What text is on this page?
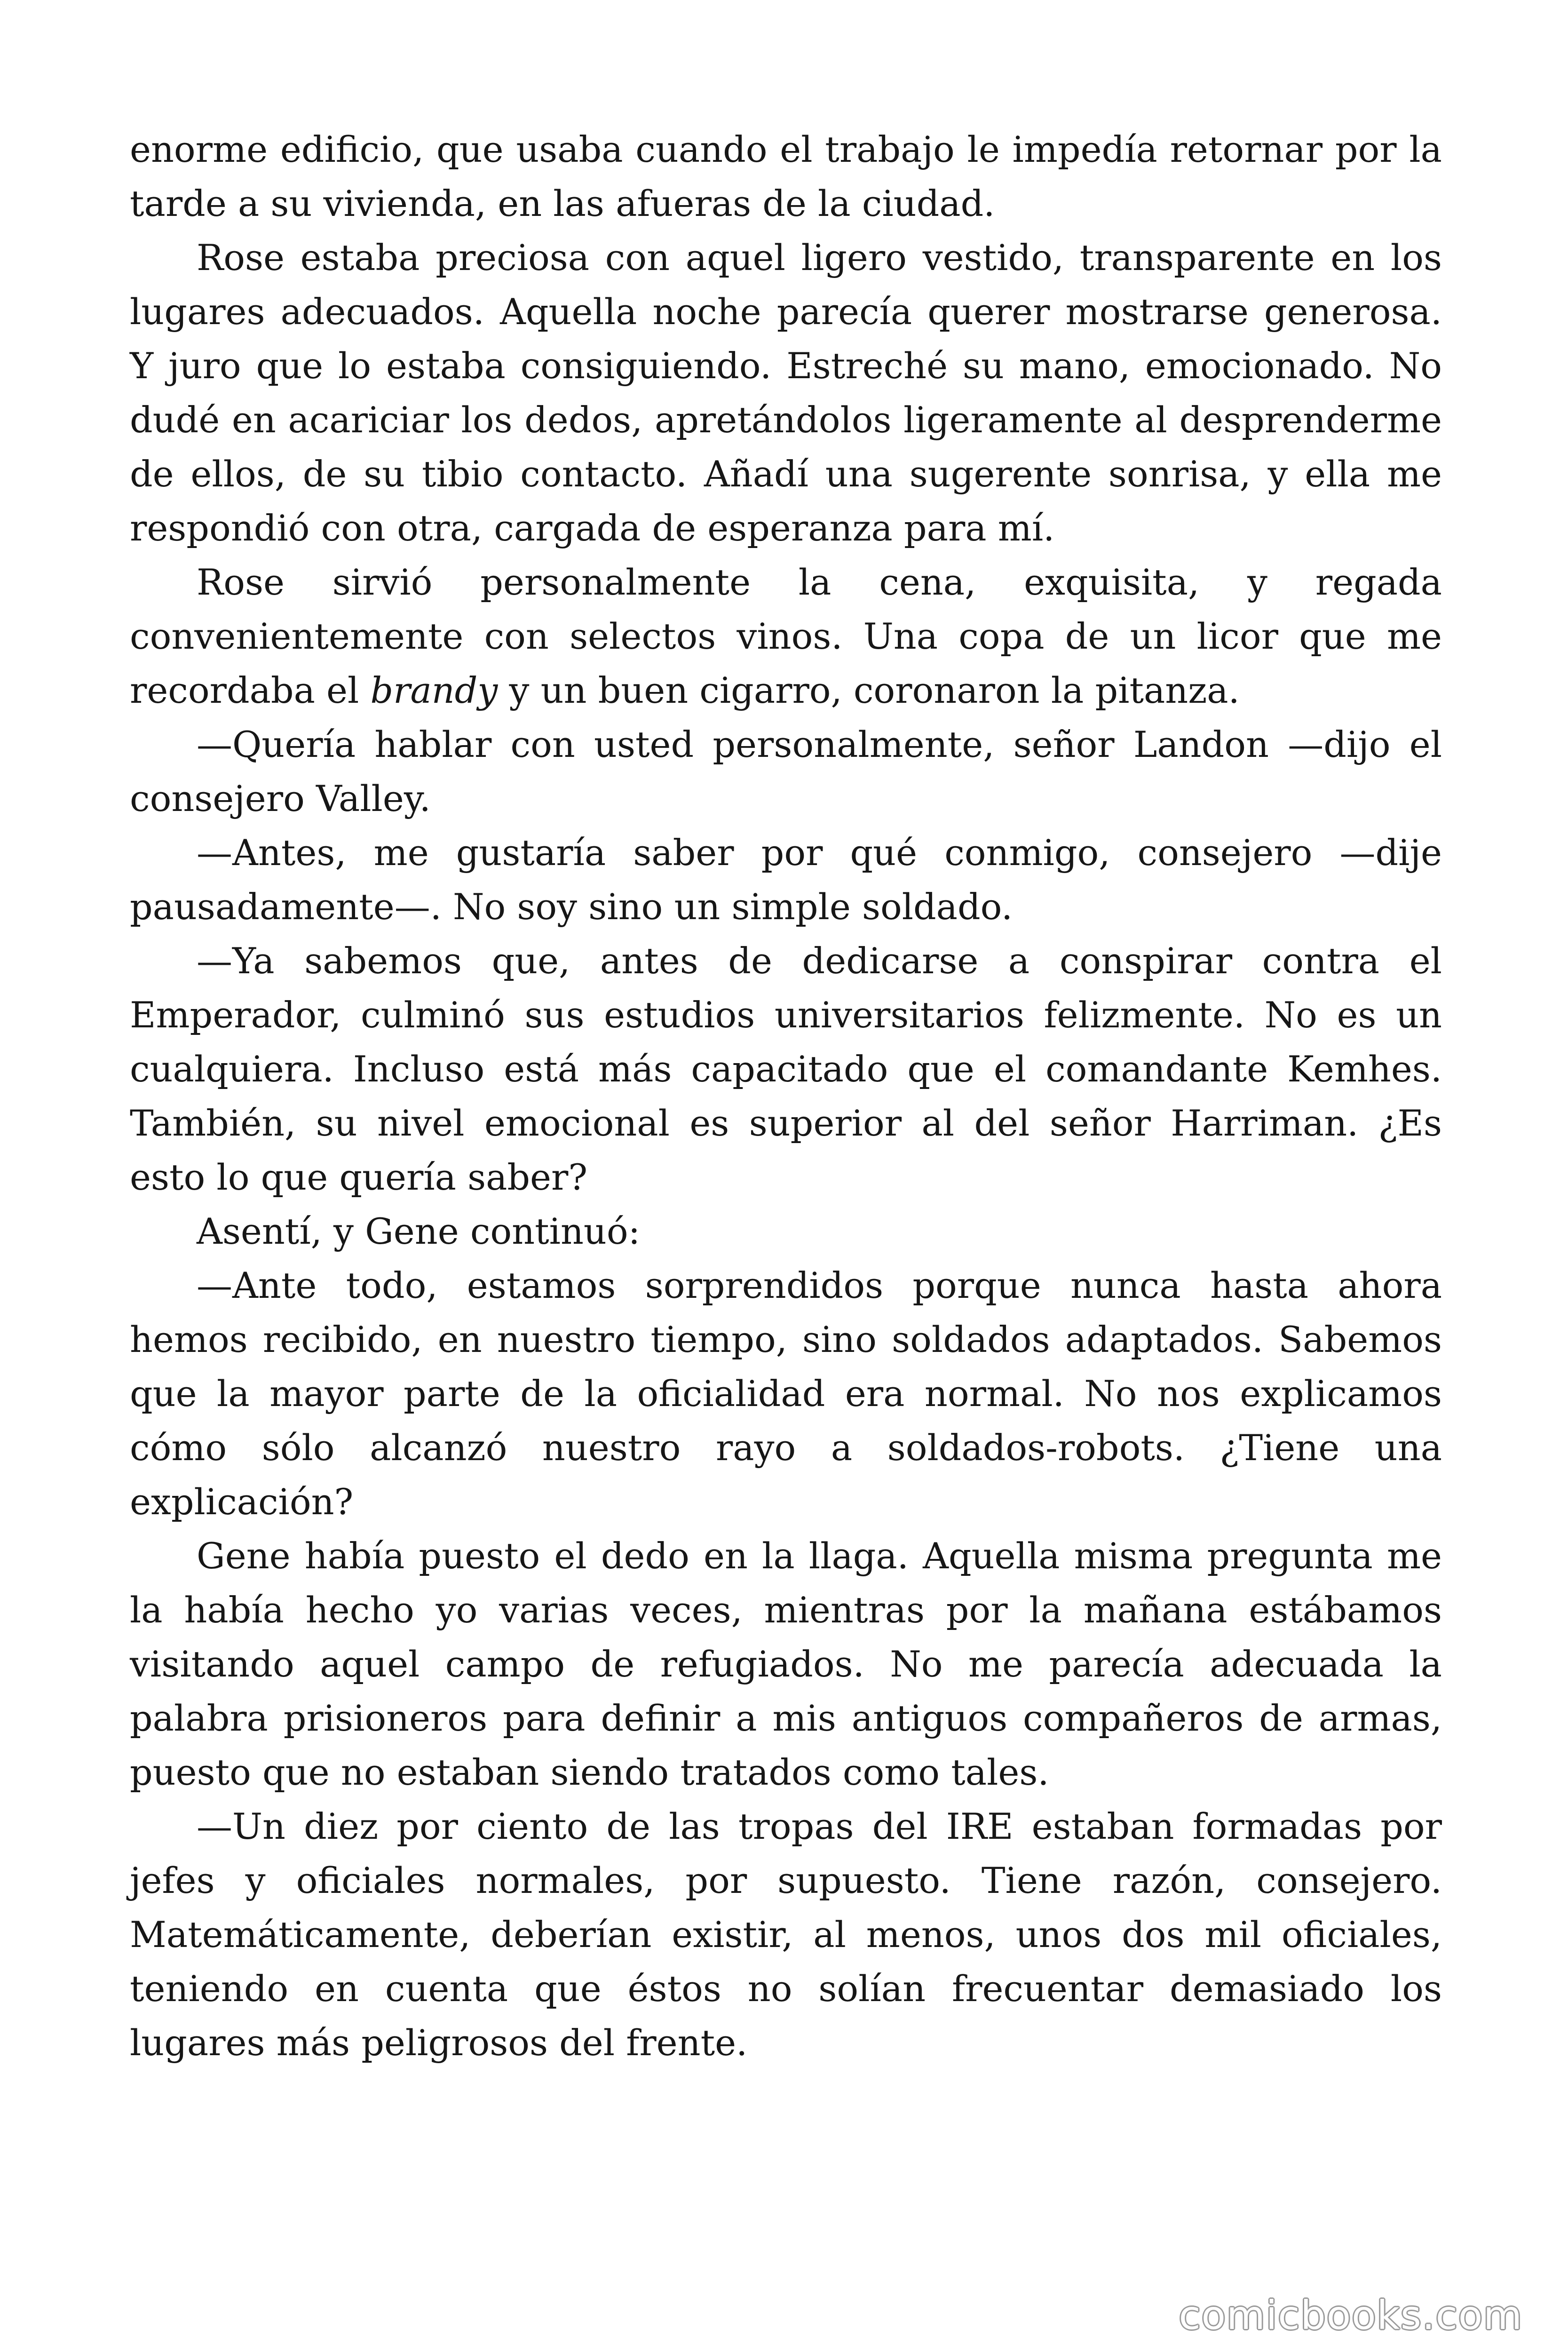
enorme edificio, que usaba cuando el trabajo le impedía retornar por la tarde a su vivienda, en las afueras de la ciudad.

Rose estaba preciosa con aquel ligero vestido, transparente en los lugares adecuados. Aquella noche parecía querer mostrarse generosa. Y juro que lo estaba consiguiendo. Estreché su mano, emocionado. No dudé en acariciar los dedos, apretándolos ligeramente al desprenderme de ellos, de su tibio contacto. Añadí una sugerente sonrisa, y ella me respondió con otra, cargada de esperanza para mí.

Rose sirvió personalmente la cena, exquisita, y regada convenientemente con selectos vinos. Una copa de un licor que me recordaba el brandy y un buen cigarro, coronaron la pitanza.

—Quería hablar con usted personalmente, señor Landon —dijo el consejero Valley.

—Antes, me gustaría saber por qué conmigo, consejero —dije pausadamente—. No soy sino un simple soldado.

—Ya sabemos que, antes de dedicarse a conspirar contra el Emperador, culminó sus estudios universitarios felizmente. No es un cualquiera. Incluso está más capacitado que el comandante Kemhes. También, su nivel emocional es superior al del señor Harriman. ¿Es esto lo que quería saber?

Asentí, y Gene continuó:

—Ante todo, estamos sorprendidos porque nunca hasta ahora hemos recibido, en nuestro tiempo, sino soldados adaptados. Sabemos que la mayor parte de la oficialidad era normal. No nos explicamos cómo sólo alcanzó nuestro rayo a soldados-robots. ¿Tiene una explicación?

Gene había puesto el dedo en la llaga. Aquella misma pregunta me la había hecho yo varias veces, mientras por la mañana estábamos visitando aquel campo de refugiados. No me parecía adecuada la palabra prisioneros para definir a mis antiguos compañeros de armas, puesto que no estaban siendo tratados como tales.

—Un diez por ciento de las tropas del IRE estaban formadas por jefes y oficiales normales, por supuesto. Tiene razón, consejero. Matemáticamente, deberían existir, al menos, unos dos mil oficiales, teniendo en cuenta que éstos no solían frecuentar demasiado los lugares más peligrosos del frente.

comicbooks.com
